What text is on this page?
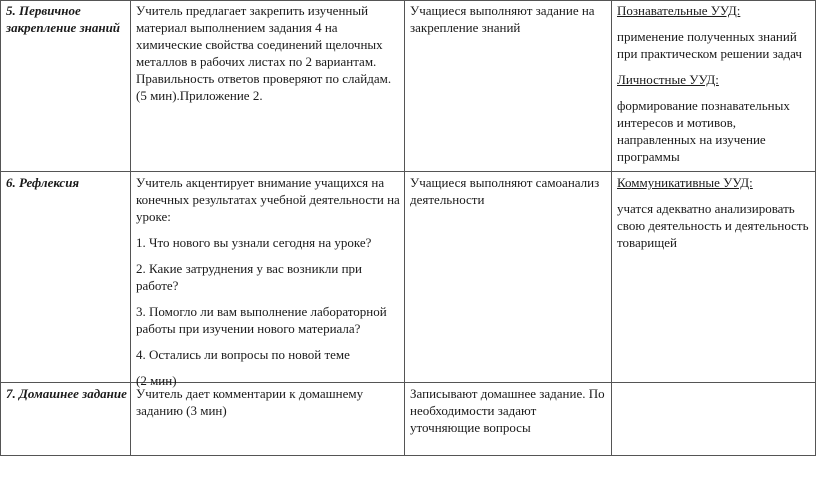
5. Первичное закрепление знаний

Учитель предлагает закрепить изученный материал выполнением задания 4 на химические свойства соединений щелочных металлов в рабочих листах по 2 вариантам. Правильность ответов проверяют по слайдам.(5 мин).Приложение 2.

Учащиеся выполняют задание на закрепление знаний

Познавательные УУД:

применение полученных знаний при практическом решении задач

Личностные УУД:

формирование познавательных интересов и мотивов, направленных на изучение программы

6. Рефлексия	Учитель акцентирует внимание учащихся на конечных результатах учебной деятельности на уроке:

1. Что нового вы узнали сегодня на уроке?

2. Какие затруднения у вас возникли при работе?

3. Помогло ли вам выполнение лабораторной работы при изучении нового материала?

4. Остались ли вопросы по новой теме

(2 мин)

Учащиеся выполняют самоанализ деятельности

Коммуникативные УУД:

учатся адекватно анализировать свою деятельность и деятельность товарищей

7. Домашнее задание Учитель дает комментарии к домашнему заданию (3 мин)

Записывают домашнее задание. По необходимости задают уточняющие вопросы
